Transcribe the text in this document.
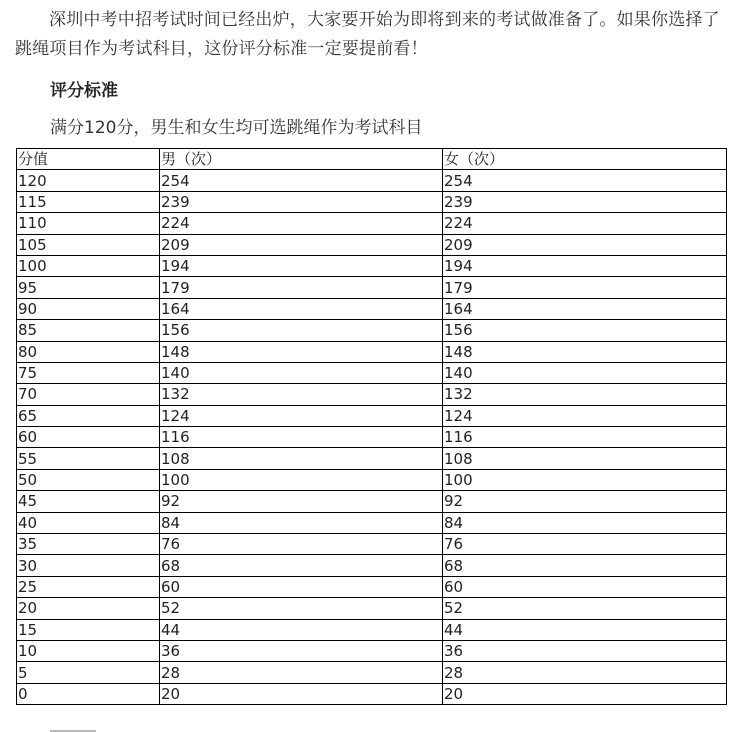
深圳中考中招考试时间已经出炉，大家要开始为即将到来的考试做准备了。如果你选择了跳绳项目作为考试科目，这份评分标准一定要提前看！

评分标准

满分120分，男生和女生均可选跳绳作为考试科目

分值	男（次）	女（次）
120	254	254
115	239	239
110	224	224
105	209	209
100	194	194
95	179	179
90	164	164
85	156	156
80	148	148
75	140	140
70	132	132
65	124	124
60	116	116
55	108	108
50	100	100
45	92	92
40	84	84
35	76	76
30	68	68
25	60	60
20	52	52
15	44	44
10	36	36
5	28	28
0	20	20
